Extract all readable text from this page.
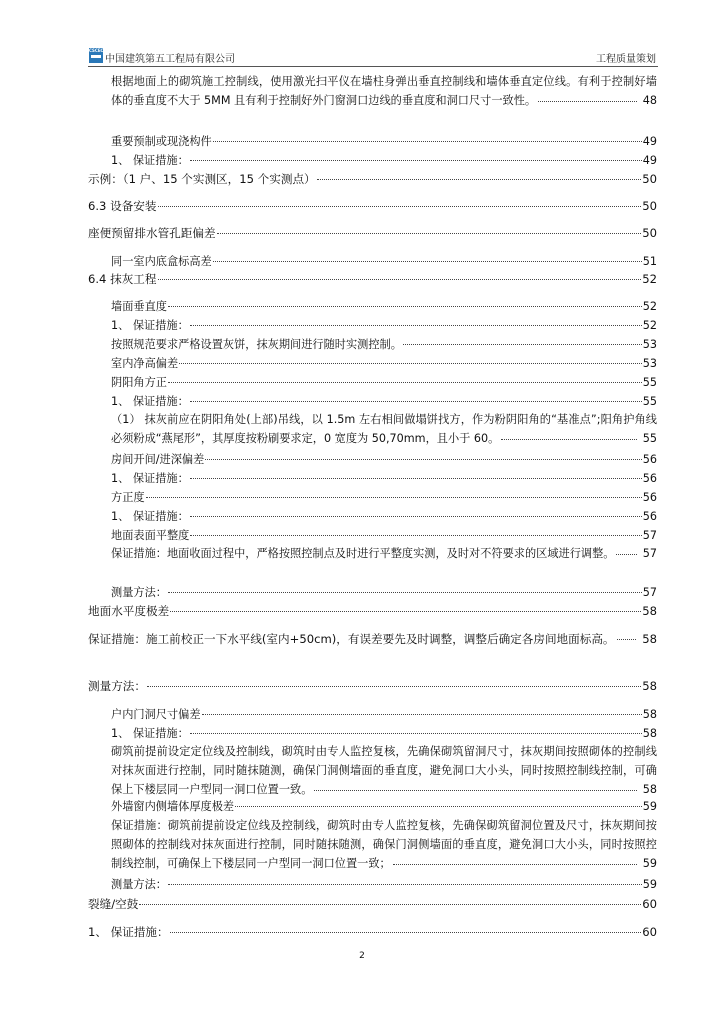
CSCEC
中国建筑第五工程局有限公司	工程质量策划
根据地面上的砌筑施工控制线，使用激光扫平仪在墙柱身弹出垂直控制线和墙体垂直定位线。有利于控制好墙体的垂直度不大于 5MM 且有利于控制好外门窗洞口边线的垂直度和洞口尺寸一致性。	48
重要预制或现浇构件	49
1、 保证措施：	49
示例：（1 户、15 个实测区，15 个实测点）	50
6.3 设备安装	50
座便预留排水管孔距偏差	50
同一室内底盒标高差	51
6.4 抹灰工程	52
墙面垂直度	52
1、 保证措施：	52
按照规范要求严格设置灰饼，抹灰期间进行随时实测控制。	53
室内净高偏差	53
阴阳角方正	55
1、 保证措施：	55
（1） 抹灰前应在阴阳角处(上部)吊线，以 1.5m 左右相间做塌饼找方，作为粉阴阳角的“基准点”;阳角护角线必须粉成“燕尾形”，其厚度按粉刷要求定，0 宽度为 50,70mm，且小于 60。	55
房间开间/进深偏差	56
1、 保证措施：	56
方正度	56
1、 保证措施：	56
地面表面平整度	57
保证措施：地面收面过程中，严格按照控制点及时进行平整度实测，及时对不符要求的区域进行调整。	57
测量方法：	57
地面水平度极差	58
保证措施：施工前校正一下水平线(室内+50cm)，有误差要先及时调整，调整后确定各房间地面标高。 58
测量方法：	58
户内门洞尺寸偏差	58
1、 保证措施：	58
砌筑前提前设定定位线及控制线，砌筑时由专人监控复核，先确保砌筑留洞尺寸，抹灰期间按照砌体的控制线对抹灰面进行控制，同时随抹随测，确保门洞侧墙面的垂直度，避免洞口大小头，同时按照控制线控制，可确保上下楼层同一户型同一洞口位置一致。	58
外墙窗内侧墙体厚度极差	59
保证措施：砌筑前提前设定位线及控制线，砌筑时由专人监控复核，先确保砌筑留洞位置及尺寸，抹灰期间按照砌体的控制线对抹灰面进行控制，同时随抹随测，确保门洞侧墙面的垂直度，避免洞口大小头，同时按照控制线控制，可确保上下楼层同一户型同一洞口位置一致；	59
测量方法：	59
裂缝/空鼓	60
1、 保证措施：	60
2
